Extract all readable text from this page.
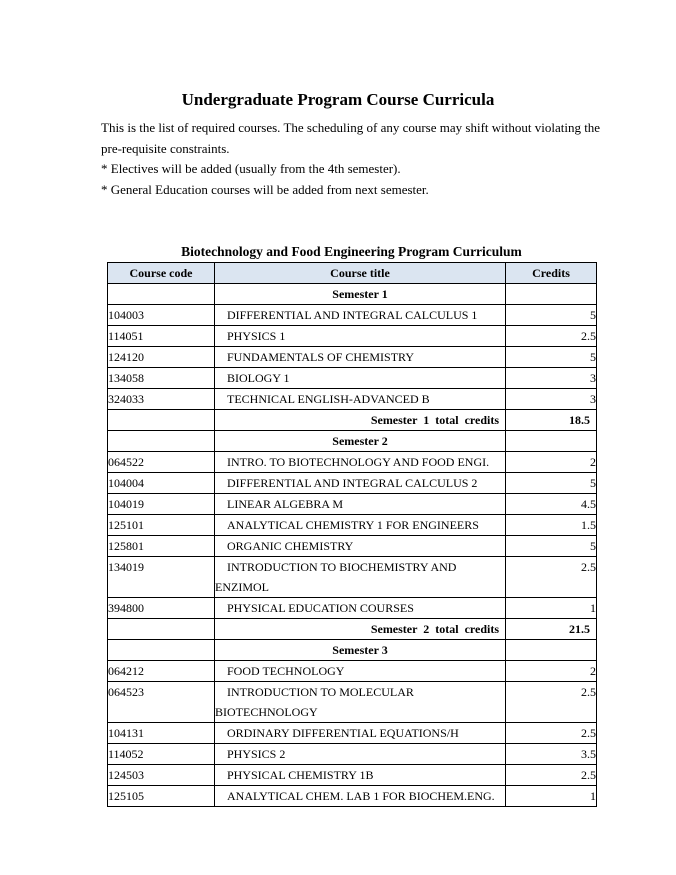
Undergraduate Program Course Curricula

This is the list of required courses. The scheduling of any course may shift without violating the pre-requisite constraints.

* Electives will be added (usually from the 4th semester).

* General Education courses will be added from next semester.

Biotechnology and Food Engineering Program Curriculum
Course code	Course title	Credits
	Semester 1	
104003	DIFFERENTIAL AND INTEGRAL CALCULUS 1	5
114051	PHYSICS 1	2.5
124120	FUNDAMENTALS OF CHEMISTRY	5
134058	BIOLOGY 1	3
324033	TECHNICAL ENGLISH-ADVANCED B	3
	Semester 1 total credits	18.5
	Semester 2	
064522	INTRO. TO BIOTECHNOLOGY AND FOOD ENGI.	2
104004	DIFFERENTIAL AND INTEGRAL CALCULUS 2	5
104019	LINEAR ALGEBRA M	4.5
125101	ANALYTICAL CHEMISTRY 1 FOR ENGINEERS	1.5
125801	ORGANIC CHEMISTRY	5
134019	INTRODUCTION TO BIOCHEMISTRY AND ENZIMOL	2.5
394800	PHYSICAL EDUCATION COURSES	1
	Semester 2 total credits	21.5
	Semester 3	
064212	FOOD TECHNOLOGY	2
064523	INTRODUCTION TO MOLECULAR BIOTECHNOLOGY	2.5
104131	ORDINARY DIFFERENTIAL EQUATIONS/H	2.5
114052	PHYSICS 2	3.5
124503	PHYSICAL CHEMISTRY 1B	2.5
125105	ANALYTICAL CHEM. LAB 1 FOR BIOCHEM.ENG.	1
